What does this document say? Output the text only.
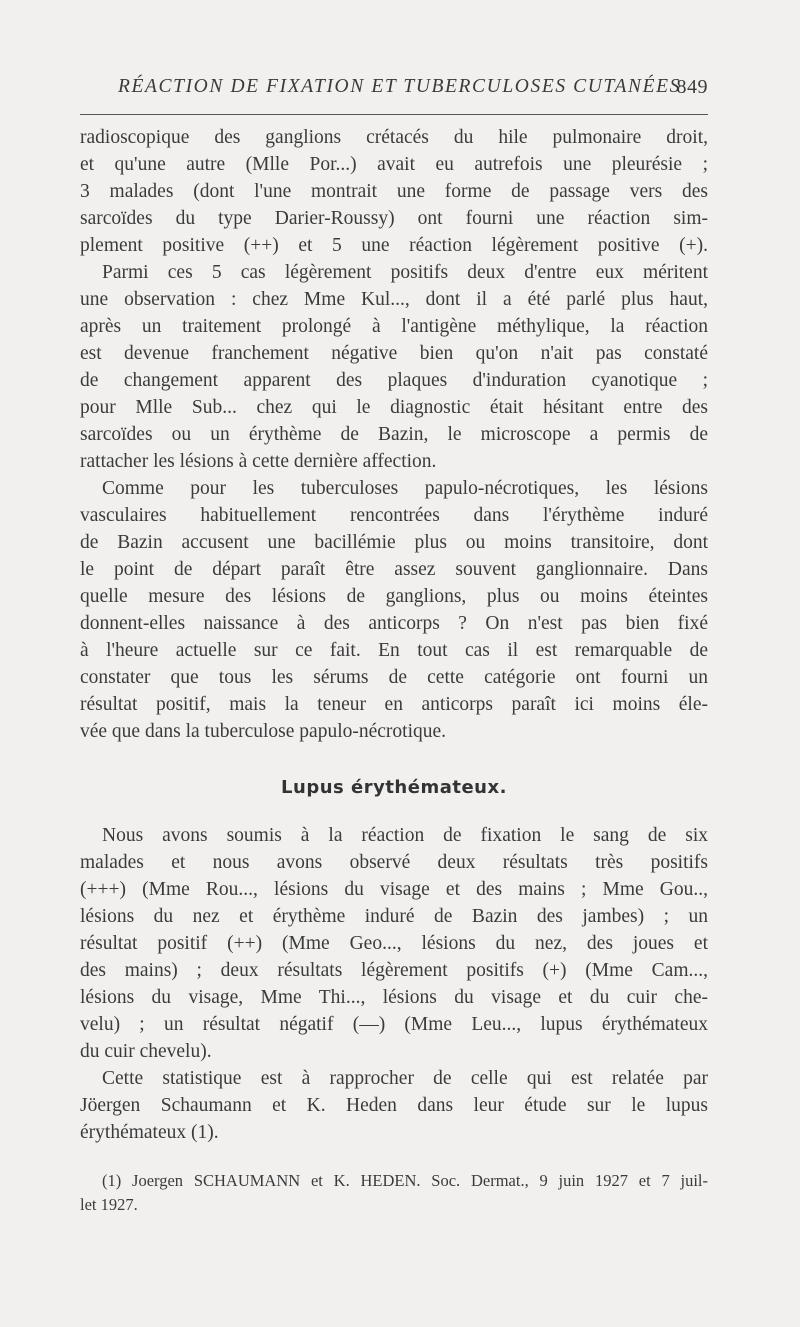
RÉACTION DE FIXATION ET TUBERCULOSES CUTANÉES
849
radioscopique des ganglions crétacés du hile pulmonaire droit,
et qu'une autre (Mlle Por...) avait eu autrefois une pleurésie ;
3 malades (dont l'une montrait une forme de passage vers des
sarcoïdes du type Darier-Roussy) ont fourni une réaction sim-
plement positive (++) et 5 une réaction légèrement positive (+).
Parmi ces 5 cas légèrement positifs deux d'entre eux méritent
une observation : chez Mme Kul..., dont il a été parlé plus haut,
après un traitement prolongé à l'antigène méthylique, la réaction
est devenue franchement négative bien qu'on n'ait pas constaté
de changement apparent des plaques d'induration cyanotique ;
pour Mlle Sub... chez qui le diagnostic était hésitant entre des
sarcoïdes ou un érythème de Bazin, le microscope a permis de
rattacher les lésions à cette dernière affection.
Comme pour les tuberculoses papulo-nécrotiques, les lésions
vasculaires habituellement rencontrées dans l'érythème induré
de Bazin accusent une bacillémie plus ou moins transitoire, dont
le point de départ paraît être assez souvent ganglionnaire. Dans
quelle mesure des lésions de ganglions, plus ou moins éteintes
donnent-elles naissance à des anticorps ? On n'est pas bien fixé
à l'heure actuelle sur ce fait. En tout cas il est remarquable de
constater que tous les sérums de cette catégorie ont fourni un
résultat positif, mais la teneur en anticorps paraît ici moins éle-
vée que dans la tuberculose papulo-nécrotique.
Lupus érythémateux.
Nous avons soumis à la réaction de fixation le sang de six
malades et nous avons observé deux résultats très positifs
(+++) (Mme Rou..., lésions du visage et des mains ; Mme Gou..,
lésions du nez et érythème induré de Bazin des jambes) ; un
résultat positif (++) (Mme Geo..., lésions du nez, des joues et
des mains) ; deux résultats légèrement positifs (+) (Mme Cam...,
lésions du visage, Mme Thi..., lésions du visage et du cuir che-
velu) ; un résultat négatif (—) (Mme Leu..., lupus érythémateux
du cuir chevelu).
Cette statistique est à rapprocher de celle qui est relatée par
Jöergen Schaumann et K. Heden dans leur étude sur le lupus
érythémateux (1).
(1) Joergen SCHAUMANN et K. HEDEN. Soc. Dermat., 9 juin 1927 et 7 juil-
let 1927.
